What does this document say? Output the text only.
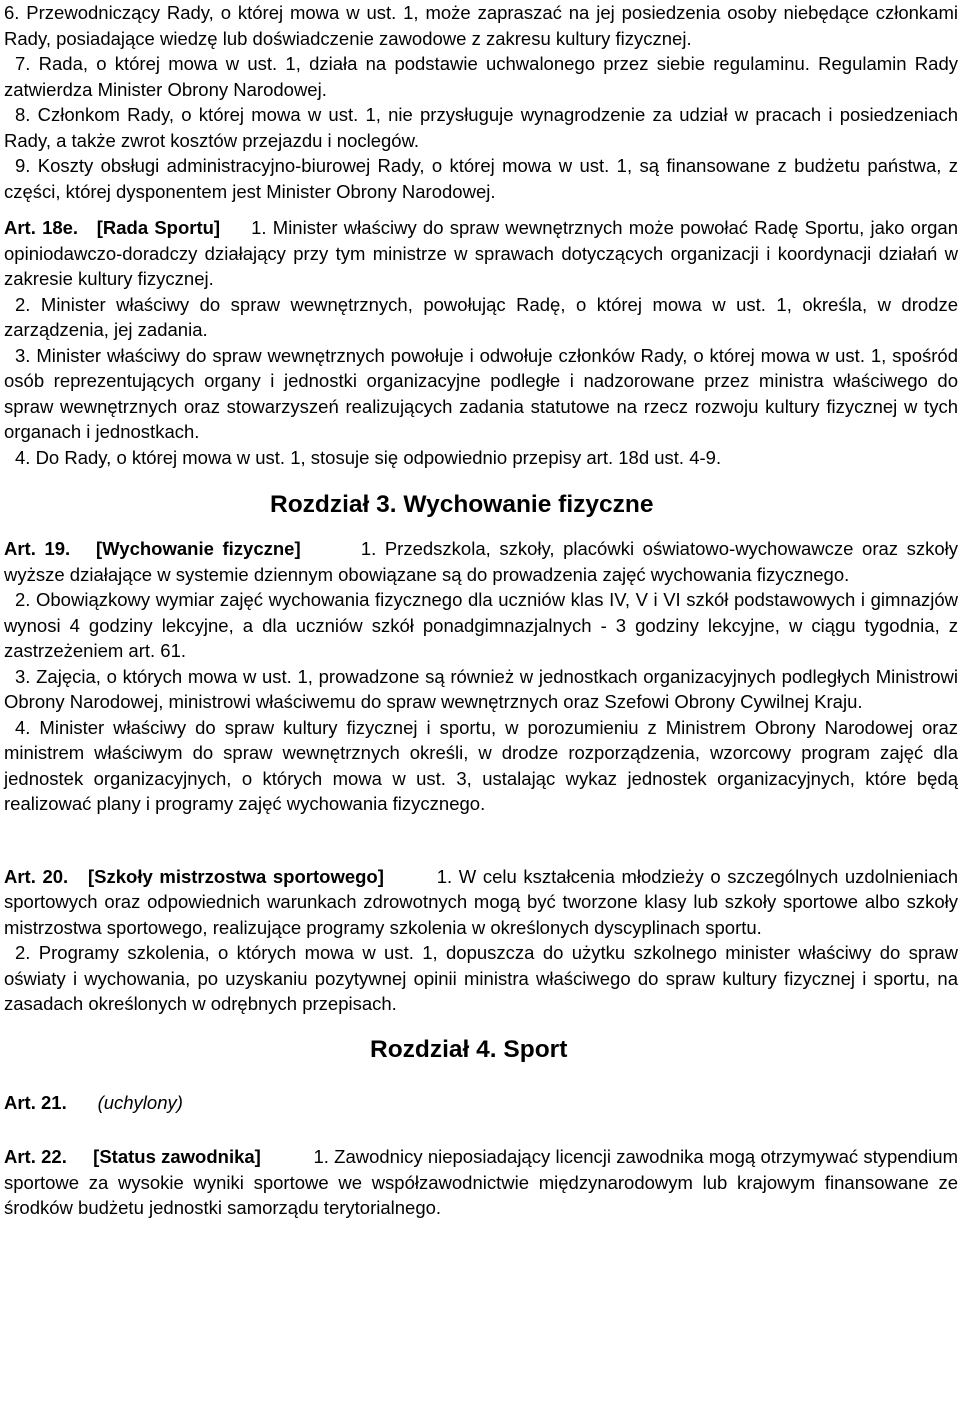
6. Przewodniczący Rady, o której mowa w ust. 1, może zapraszać na jej posiedzenia osoby niebędące członkami Rady, posiadające wiedzę lub doświadczenie zawodowe z zakresu kultury fizycznej.

7. Rada, o której mowa w ust. 1, działa na podstawie uchwalonego przez siebie regulaminu. Regulamin Rady zatwierdza Minister Obrony Narodowej.

8. Członkom Rady, o której mowa w ust. 1, nie przysługuje wynagrodzenie za udział w pracach i posiedzeniach Rady, a także zwrot kosztów przejazdu i noclegów.

9. Koszty obsługi administracyjno-biurowej Rady, o której mowa w ust. 1, są finansowane z budżetu państwa, z części, której dysponentem jest Minister Obrony Narodowej.

Art. 18e. [Rada Sportu] 1. Minister właściwy do spraw wewnętrznych może powołać Radę Sportu, jako organ opiniodawczo-doradczy działający przy tym ministrze w sprawach dotyczących organizacji i koordynacji działań w zakresie kultury fizycznej.

2. Minister właściwy do spraw wewnętrznych, powołując Radę, o której mowa w ust. 1, określa, w drodze zarządzenia, jej zadania.

3. Minister właściwy do spraw wewnętrznych powołuje i odwołuje członków Rady, o której mowa w ust. 1, spośród osób reprezentujących organy i jednostki organizacyjne podległe i nadzorowane przez ministra właściwego do spraw wewnętrznych oraz stowarzyszeń realizujących zadania statutowe na rzecz rozwoju kultury fizycznej w tych organach i jednostkach.

4. Do Rady, o której mowa w ust. 1, stosuje się odpowiednio przepisy art. 18d ust. 4-9.

Rozdział 3. Wychowanie fizyczne

Art. 19. [Wychowanie fizyczne]	1. Przedszkola, szkoły, placówki oświatowo-wychowawcze oraz szkoły wyższe działające w systemie dziennym obowiązane są do prowadzenia zajęć wychowania fizycznego.

2. Obowiązkowy wymiar zajęć wychowania fizycznego dla uczniów klas IV, V i VI szkół podstawowych i gimnazjów wynosi 4 godziny lekcyjne, a dla uczniów szkół ponadgimnazjalnych - 3 godziny lekcyjne, w ciągu tygodnia, z zastrzeżeniem art. 61.

3. Zajęcia, o których mowa w ust. 1, prowadzone są również w jednostkach organizacyjnych podległych Ministrowi Obrony Narodowej, ministrowi właściwemu do spraw wewnętrznych oraz Szefowi Obrony Cywilnej Kraju.

4. Minister właściwy do spraw kultury fizycznej i sportu, w porozumieniu z Ministrem Obrony Narodowej oraz ministrem właściwym do spraw wewnętrznych określi, w drodze rozporządzenia, wzorcowy program zajęć dla jednostek organizacyjnych, o których mowa w ust. 3, ustalając wykaz jednostek organizacyjnych, które będą realizować plany i programy zajęć wychowania fizycznego.

Art. 20. [Szkoły mistrzostwa sportowego]	1. W celu kształcenia młodzieży o szczególnych uzdolnieniach sportowych oraz odpowiednich warunkach zdrowotnych mogą być tworzone klasy lub szkoły sportowe albo szkoły mistrzostwa sportowego, realizujące programy szkolenia w określonych dyscyplinach sportu.

2. Programy szkolenia, o których mowa w ust. 1, dopuszcza do użytku szkolnego minister właściwy do spraw oświaty i wychowania, po uzyskaniu pozytywnej opinii ministra właściwego do spraw kultury fizycznej i sportu, na zasadach określonych w odrębnych przepisach.

Rozdział 4. Sport

Art. 21. (uchylony)

Art. 22. [Status zawodnika]	1. Zawodnicy nieposiadający licencji zawodnika mogą otrzymywać stypendium sportowe za wysokie wyniki sportowe we współzawodnictwie międzynarodowym lub krajowym finansowane ze środków budżetu jednostki samorządu terytorialnego.
